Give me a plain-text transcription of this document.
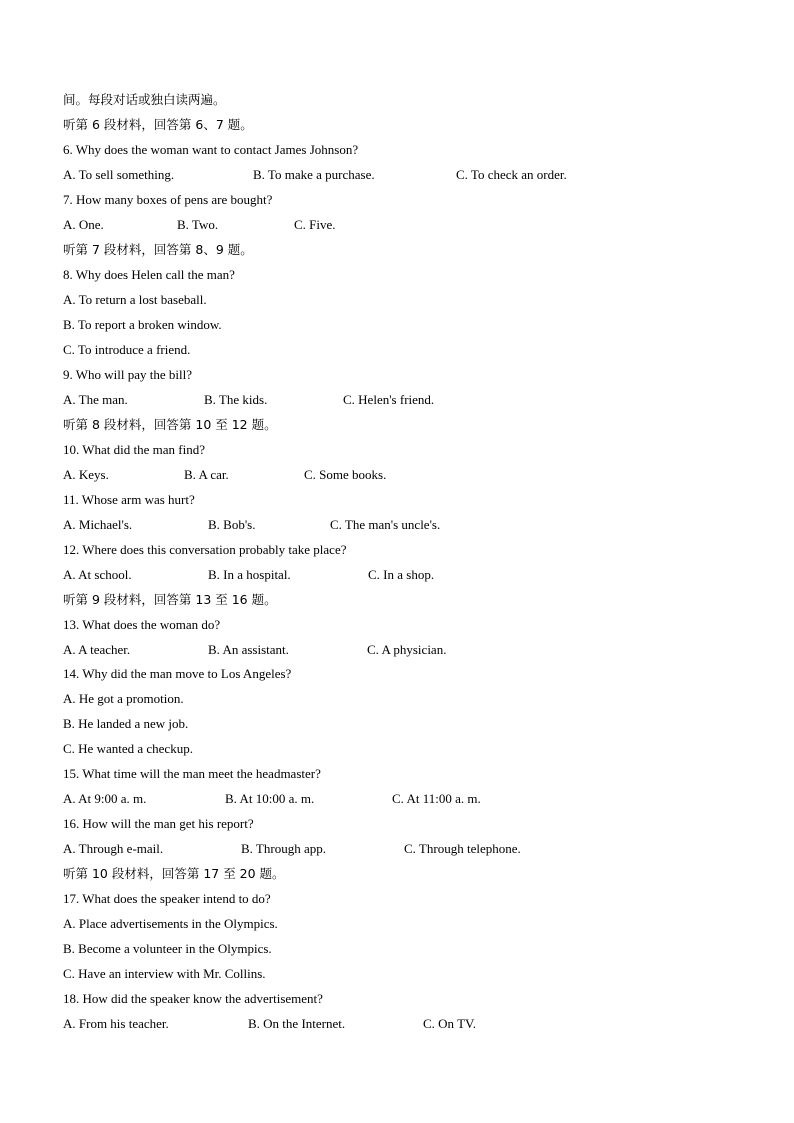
间。每段对话或独白读两遍。
听第 6 段材料，回答第 6、7 题。
6. Why does the woman want to contact James Johnson?
A. To sell something.	B. To make a purchase.	C. To check an order.
7. How many boxes of pens are bought?
A. One.	B. Two.	C. Five.
听第 7 段材料，回答第 8、9 题。
8. Why does Helen call the man?
A. To return a lost baseball.
B. To report a broken window.
C. To introduce a friend.
9. Who will pay the bill?
A. The man.	B. The kids.	C. Helen's friend.
听第 8 段材料，回答第 10 至 12 题。
10. What did the man find?
A. Keys.	B. A car.	C. Some books.
11. Whose arm was hurt?
A. Michael's.	B. Bob's.	C. The man's uncle's.
12. Where does this conversation probably take place?
A. At school.	B. In a hospital.	C. In a shop.
听第 9 段材料，回答第 13 至 16 题。
13. What does the woman do?
A. A teacher.	B. An assistant.	C. A physician.
14. Why did the man move to Los Angeles?
A. He got a promotion.
B. He landed a new job.
C. He wanted a checkup.
15. What time will the man meet the headmaster?
A. At 9:00 a. m.	B. At 10:00 a. m.	C. At 11:00 a. m.
16. How will the man get his report?
A. Through e-mail.	B. Through app.	C. Through telephone.
听第 10 段材料，回答第 17 至 20 题。
17. What does the speaker intend to do?
A. Place advertisements in the Olympics.
B. Become a volunteer in the Olympics.
C. Have an interview with Mr. Collins.
18. How did the speaker know the advertisement?
A. From his teacher.	B. On the Internet.	C. On TV.
